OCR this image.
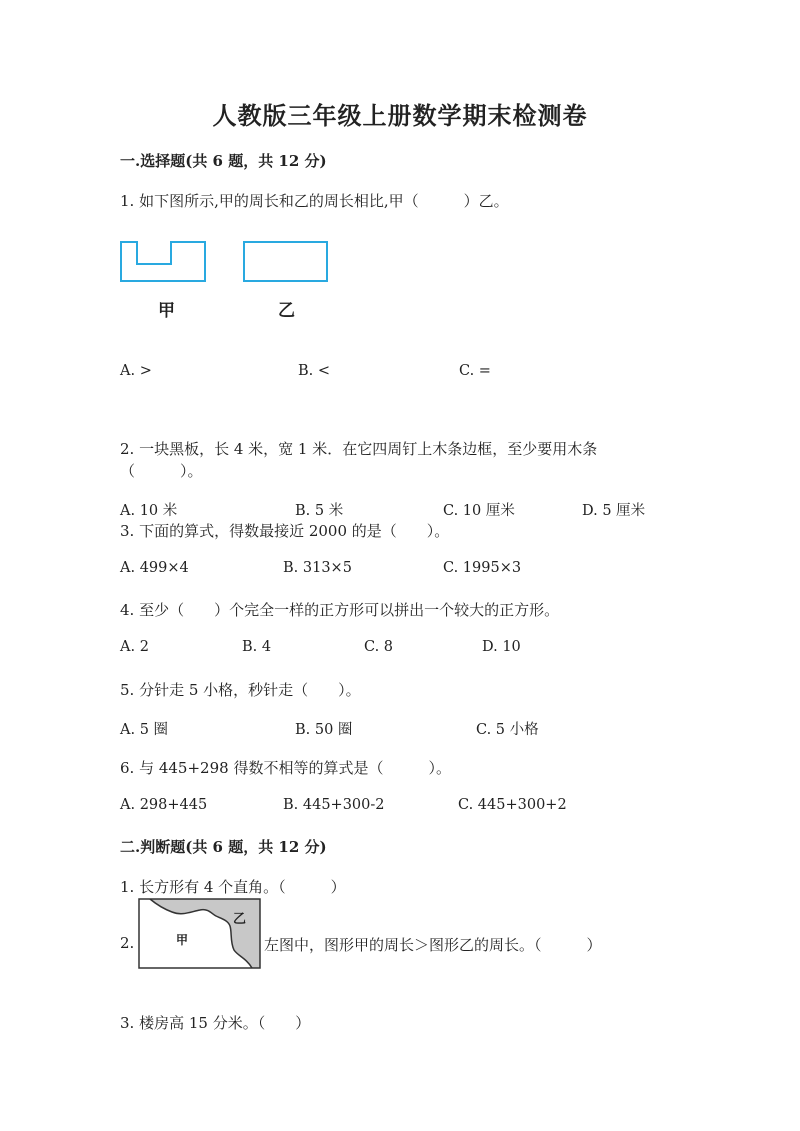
人教版三年级上册数学期末检测卷
一.选择题(共 6 题，共 12 分)
1. 如下图所示,甲的周长和乙的周长相比,甲（　　　）乙。
甲	乙
A. >	B. <	C. =
2. 一块黑板，长 4 米，宽 1 米．在它四周钉上木条边框，至少要用木条
（　　　）。
A. 10 米	B. 5 米	C. 10 厘米	D. 5 厘米
3. 下面的算式，得数最接近 2000 的是（　　）。
A. 499×4	B. 313×5	C. 1995×3
4. 至少（　　）个完全一样的正方形可以拼出一个较大的正方形。
A. 2	B. 4	C. 8	D. 10
5. 分针走 5 小格，秒针走（　　）。
A. 5 圈	B. 50 圈	C. 5 小格
6. 与 445+298 得数不相等的算式是（　　　）。
A. 298+445	B. 445+300-2	C. 445+300+2
二.判断题(共 6 题，共 12 分)
1. 长方形有 4 个直角。（　　　）
2.	甲
乙
左图中，图形甲的周长＞图形乙的周长。（　　　）
3. 楼房高 15 分米。（　　）
